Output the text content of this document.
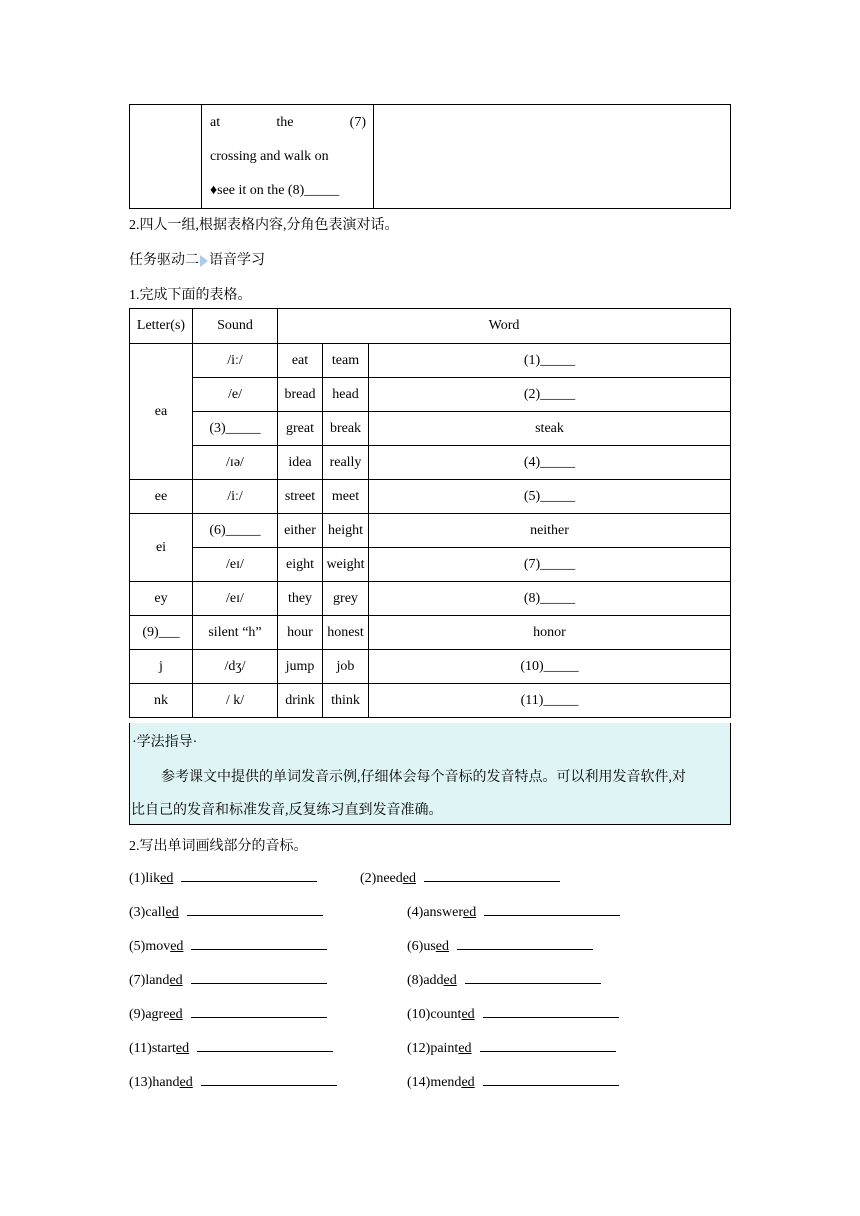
at	the	(7)
crossing and walk on
♦see it on the (8)_____

2.四人一组,根据表格内容,分角色表演对话。
任务驱动二 语音学习
1.完成下面的表格。
Letter(s)	Sound	Word		
ea	/iː/	eat	team	(1)_____
	/e/	bread	head	(2)_____
	(3)_____	great	break	steak
	/ɪə/	idea	really	(4)_____
ee	/iː/	street	meet	(5)_____
ei	(6)_____	either	height	neither
	/eɪ/	eight	weight	(7)_____
ey	/eɪ/	they	grey	(8)_____
(9)___	silent “h”	hour	honest	honor
j	/dʒ/	jump	job	(10)_____
nk	/ k/	drink	think	(11)_____
·学法指导·
参考课文中提供的单词发音示例,仔细体会每个音标的发音特点。可以利用发音软件,对
比自己的发音和标准发音,反复练习直到发音准确。
2.写出单词画线部分的音标。
(1)liked	(2)needed
(3)called	(4)answered
(5)moved	(6)used
(7)landed	(8)added
(9)agreed	(10)counted
(11)started	(12)painted
(13)handed	(14)mended
